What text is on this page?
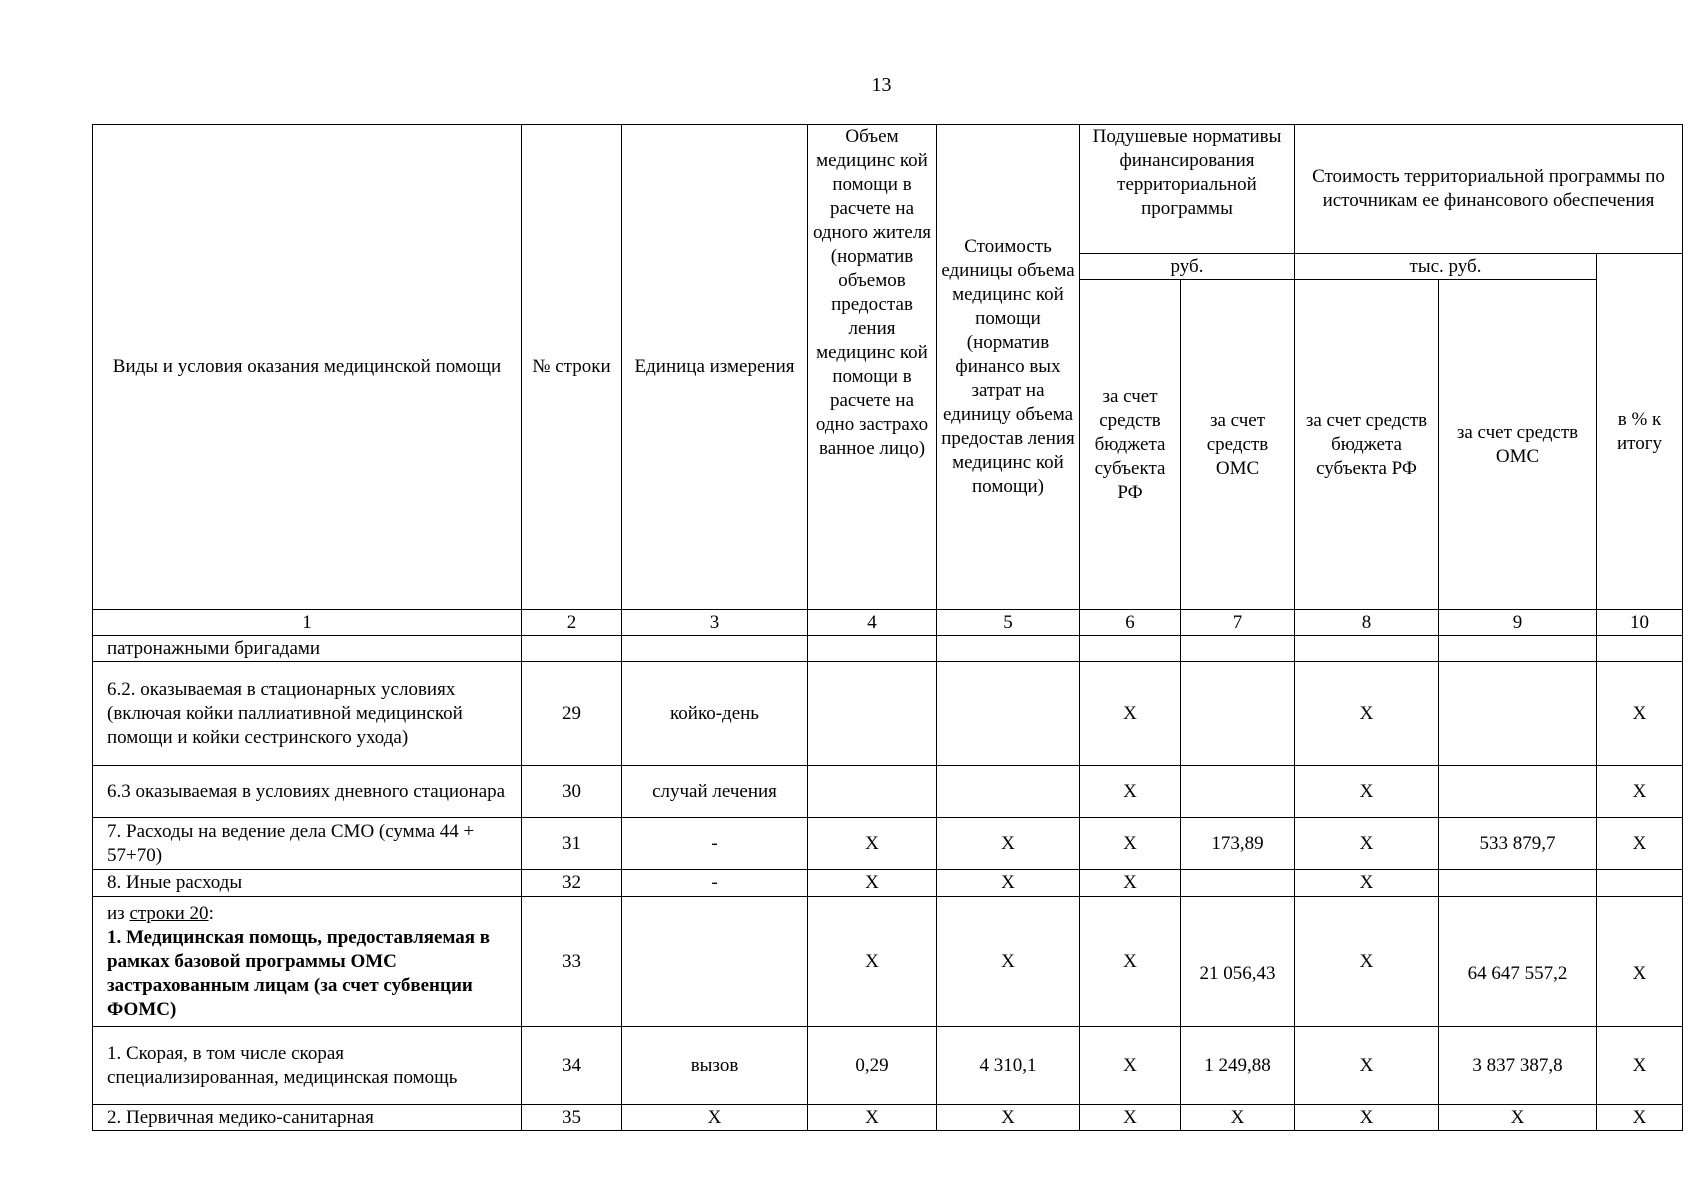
13
Виды и условия оказания медицинской помощи	№ строки	Единица измерения	Объем медицинс кой помощи в расчете на одного жителя (норматив объемов предостав ления медицинс кой помощи в расчете на одно застрахо ванное лицо)	Стоимость единицы объема медицинс кой помощи (норматив финансо вых затрат на единицу объема предостав ления медицинс кой помощи)	Подушевые нормативы финансирования территориальной программы		Стоимость территориальной программы по источникам ее финансового обеспечения		
					руб.		тыс. руб.		в % к итогу
					за счет средств бюджета субъекта РФ	за счет средств ОМС	за счет средств бюджета субъекта РФ	за счет средств ОМС	
1	2	3	4	5	6	7	8	9	10
патронажными бригадами									
6.2. оказываемая в стационарных условиях (включая койки паллиативной медицинской помощи и койки сестринского ухода)	29	койко-день			X		X		X
6.3 оказываемая в условиях дневного стационара	30	случай лечения			X		X		X
7. Расходы на ведение дела СМО (сумма 44 + 57+70)	31	-	X	X	X	173,89	X	533 879,7	X
8. Иные расходы	32	-	X	X	X		X		

из строки 20:
1. Медицинская помощь, предоставляемая в рамках базовой программы ОМС застрахованным лицам (за счет субвенции ФОМС)	33		X	X	X	21 056,43	X	64 647 557,2	X
1. Скорая, в том числе скорая специализированная, медицинская помощь	34	вызов	0,29	4 310,1	X	1 249,88	X	3 837 387,8	X
2. Первичная медико-санитарная	35	X	X	X	X	X	X	X	X
